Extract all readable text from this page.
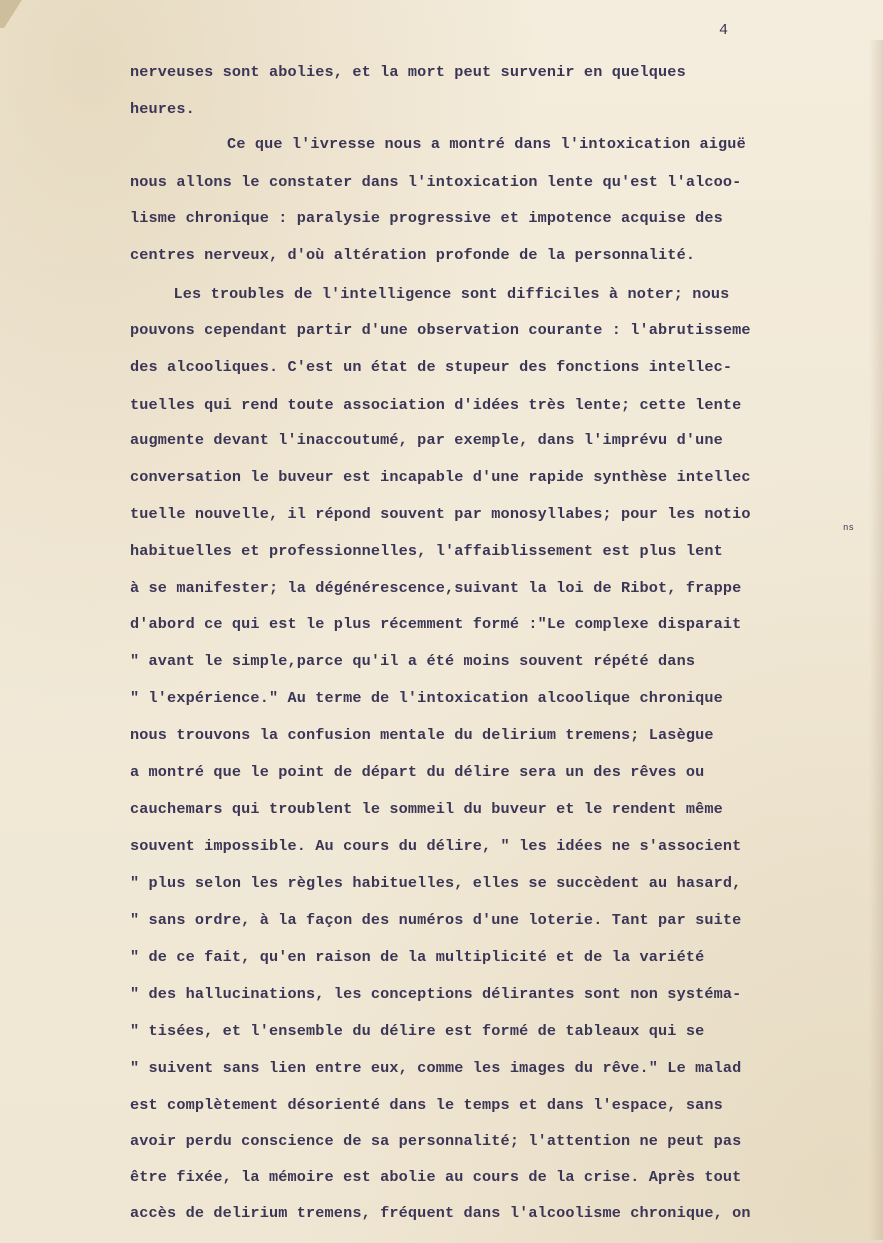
4
nerveuses sont abolies, et la mort peut survenir en quelques
heures.
Ce que l'ivresse nous a montré dans l'intoxication aiguë
nous allons le constater dans l'intoxication lente qu'est l'alcoo-
lisme chronique : paralysie progressive et impotence acquise des
centres nerveux, d'où altération profonde de la personnalité.
Les troubles de l'intelligence sont difficiles à noter; nous
pouvons cependant partir d'une observation courante : l'abrutisseme
des alcooliques. C'est un état de stupeur des fonctions intellec-
tuelles qui rend toute association d'idées très lente; cette lente
augmente devant l'inaccoutumé, par exemple, dans l'imprévu d'une
conversation le buveur est incapable d'une rapide synthèse intellec
tuelle nouvelle, il répond souvent par monosyllabes; pour les notio
habituelles et professionnelles, l'affaiblissement est plus lent
à se manifester; la dégénérescence,suivant la loi de Ribot, frappe
d'abord ce qui est le plus récemment formé :"Le complexe disparait
" avant le simple,parce qu'il a été moins souvent répété dans
" l'expérience." Au terme de l'intoxication alcoolique chronique
nous trouvons la confusion mentale du delirium tremens; Lasègue
a montré que le point de départ du délire sera un des rêves ou
cauchemars qui troublent le sommeil du buveur et le rendent même
souvent impossible. Au cours du délire, " les idées ne s'associent
" plus selon les règles habituelles, elles se succèdent au hasard,
" sans ordre, à la façon des numéros d'une loterie. Tant par suite
" de ce fait, qu'en raison de la multiplicité et de la variété
" des hallucinations, les conceptions délirantes sont non systéma-
" tisées, et l'ensemble du délire est formé de tableaux qui se
" suivent sans lien entre eux, comme les images du rêve." Le malad
est complètement désorienté dans le temps et dans l'espace, sans
avoir perdu conscience de sa personnalité; l'attention ne peut pas
être fixée, la mémoire est abolie au cours de la crise. Après tout
accès de delirium tremens, fréquent dans l'alcoolisme chronique, on
ns
